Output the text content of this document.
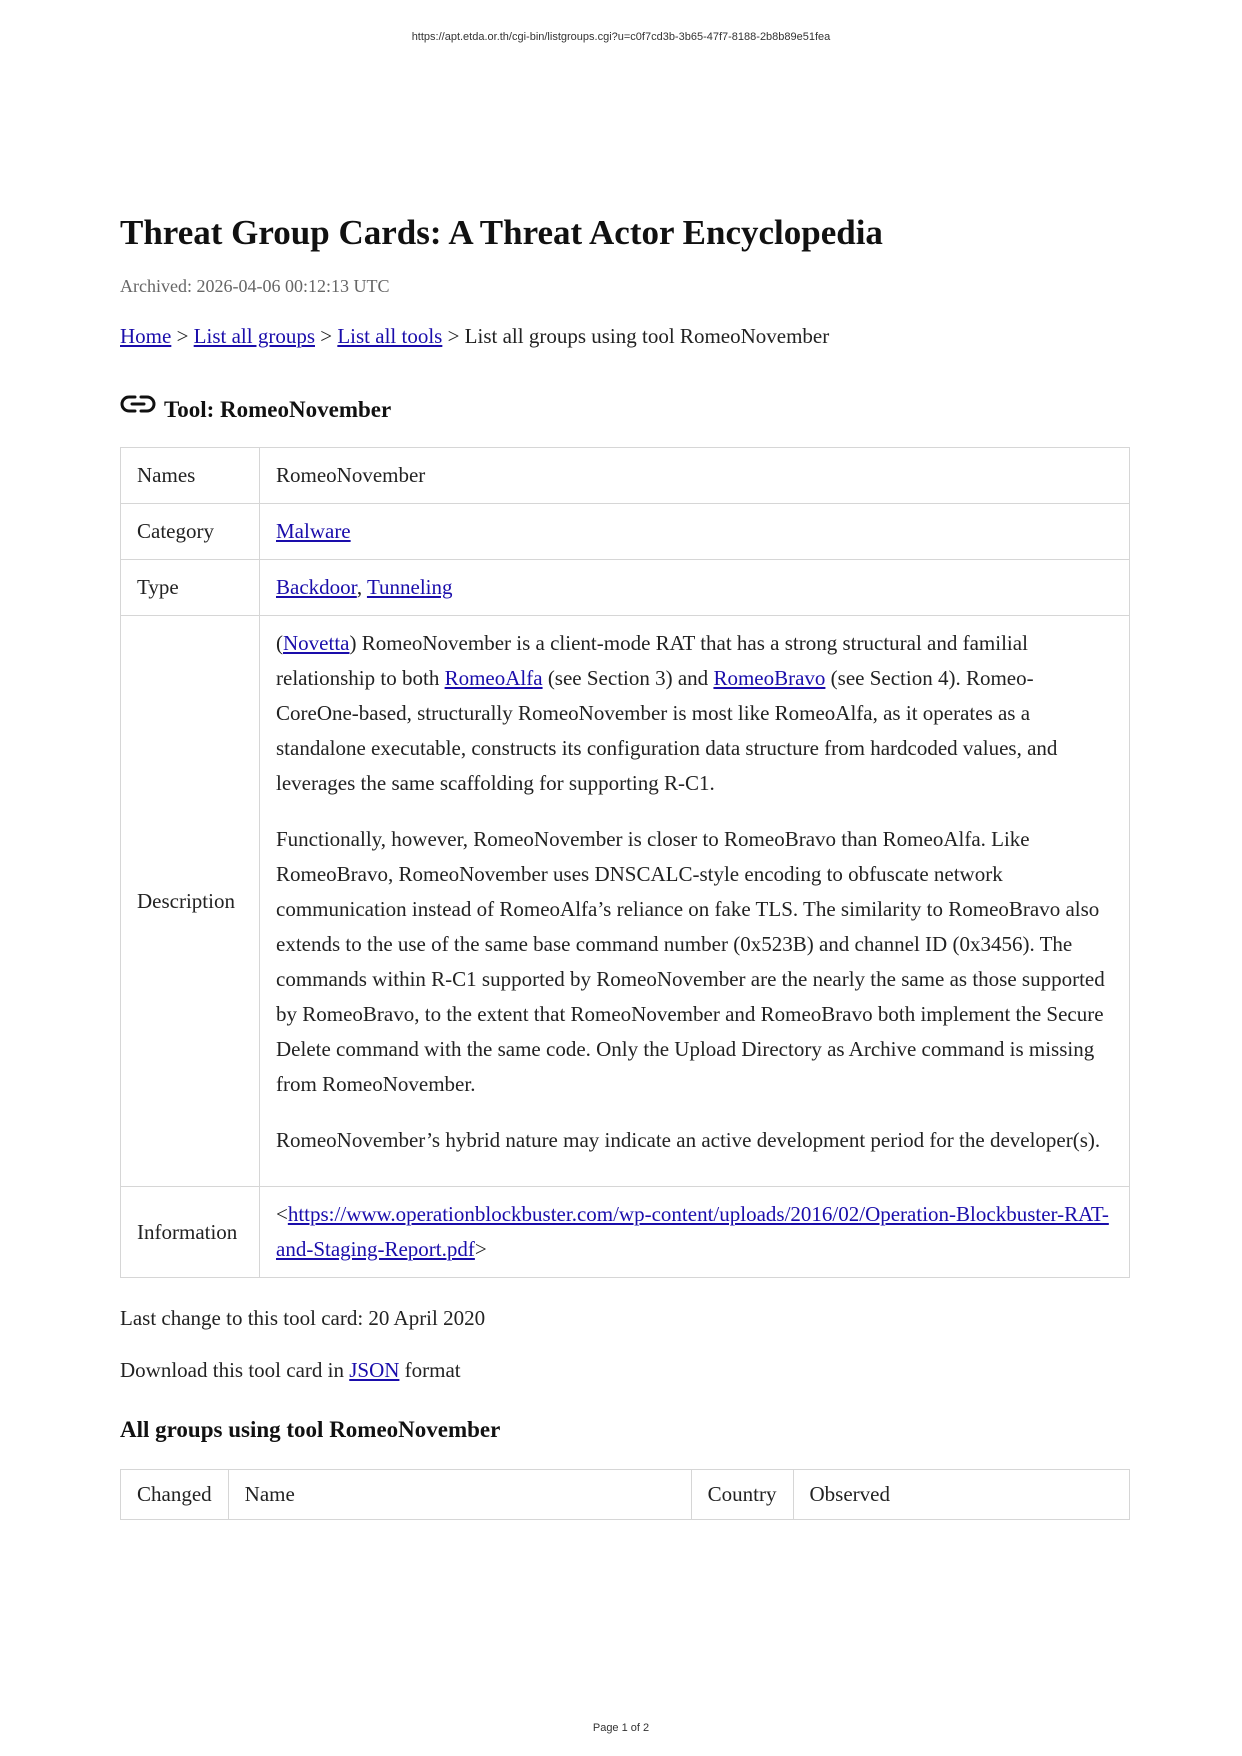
https://apt.etda.or.th/cgi-bin/listgroups.cgi?u=c0f7cd3b-3b65-47f7-8188-2b8b89e51fea
Threat Group Cards: A Threat Actor Encyclopedia
Archived: 2026-04-06 00:12:13 UTC
Home > List all groups > List all tools > List all groups using tool RomeoNovember
Tool: RomeoNovember
Names	RomeoNovember
Category	Malware
Type	Backdoor, Tunneling
Description	(Novetta) RomeoNovember is a client-mode RAT that has a strong structural and familial relationship to both RomeoAlfa (see Section 3) and RomeoBravo (see Section 4). Romeo-CoreOne-based, structurally RomeoNovember is most like RomeoAlfa, as it operates as a standalone executable, constructs its configuration data structure from hardcoded values, and leverages the same scaffolding for supporting R-C1.

Functionally, however, RomeoNovember is closer to RomeoBravo than RomeoAlfa. Like RomeoBravo, RomeoNovember uses DNSCALC-style encoding to obfuscate network communication instead of RomeoAlfa’s reliance on fake TLS. The similarity to RomeoBravo also extends to the use of the same base command number (0x523B) and channel ID (0x3456). The commands within R-C1 supported by RomeoNovember are the nearly the same as those supported by RomeoBravo, to the extent that RomeoNovember and RomeoBravo both implement the Secure Delete command with the same code. Only the Upload Directory as Archive command is missing from RomeoNovember.

RomeoNovember’s hybrid nature may indicate an active development period for the developer(s).

Information	<https://www.operationblockbuster.com/wp-content/uploads/2016/02/Operation-Blockbuster-RAT-and-Staging-Report.pdf>
Last change to this tool card: 20 April 2020
Download this tool card in JSON format
All groups using tool RomeoNovember
Changed	Name	Country	Observed
Page 1 of 2
